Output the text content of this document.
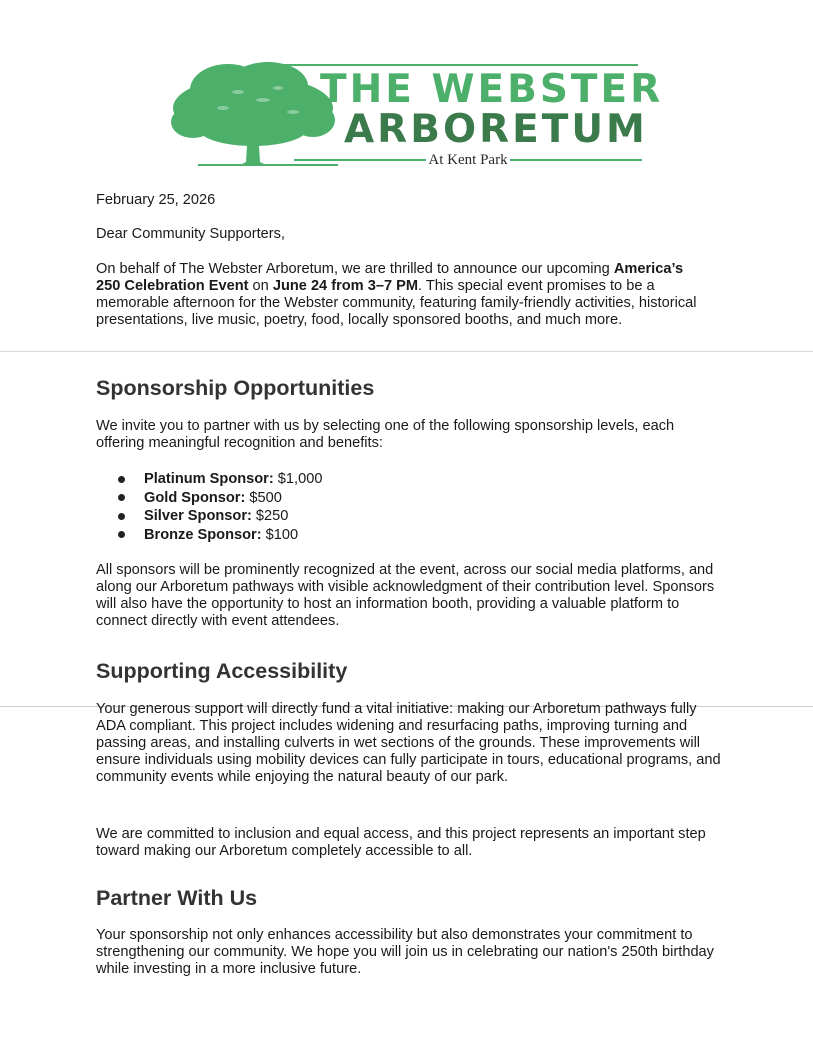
THE WEBSTER
ARBORETUM
At Kent Park
February 25, 2026
Dear Community Supporters,
On behalf of The Webster Arboretum, we are thrilled to announce our upcoming America’s 250 Celebration Event on June 24 from 3–7 PM. This special event promises to be a memorable afternoon for the Webster community, featuring family-friendly activities, historical presentations, live music, poetry, food, locally sponsored booths, and much more.
Sponsorship Opportunities
We invite you to partner with us by selecting one of the following sponsorship levels, each offering meaningful recognition and benefits:
Platinum Sponsor:
$1,000
Gold Sponsor:
$500
Silver Sponsor:
$250
Bronze Sponsor:
$100
All sponsors will be prominently recognized at the event, across our social media platforms, and along our Arboretum pathways with visible acknowledgment of their contribution level. Sponsors will also have the opportunity to host an information booth, providing a valuable platform to connect directly with event attendees.
Supporting Accessibility
Your generous support will directly fund a vital initiative: making our Arboretum pathways fully ADA compliant. This project includes widening and resurfacing paths, improving turning and passing areas, and installing culverts in wet sections of the grounds. These improvements will ensure individuals using mobility devices can fully participate in tours, educational programs, and community events while enjoying the natural beauty of our park.
We are committed to inclusion and equal access, and this project represents an important step toward making our Arboretum completely accessible to all.
Partner With Us
Your sponsorship not only enhances accessibility but also demonstrates your commitment to strengthening our community. We hope you will join us in celebrating our nation's 250th birthday while investing in a more inclusive future.
